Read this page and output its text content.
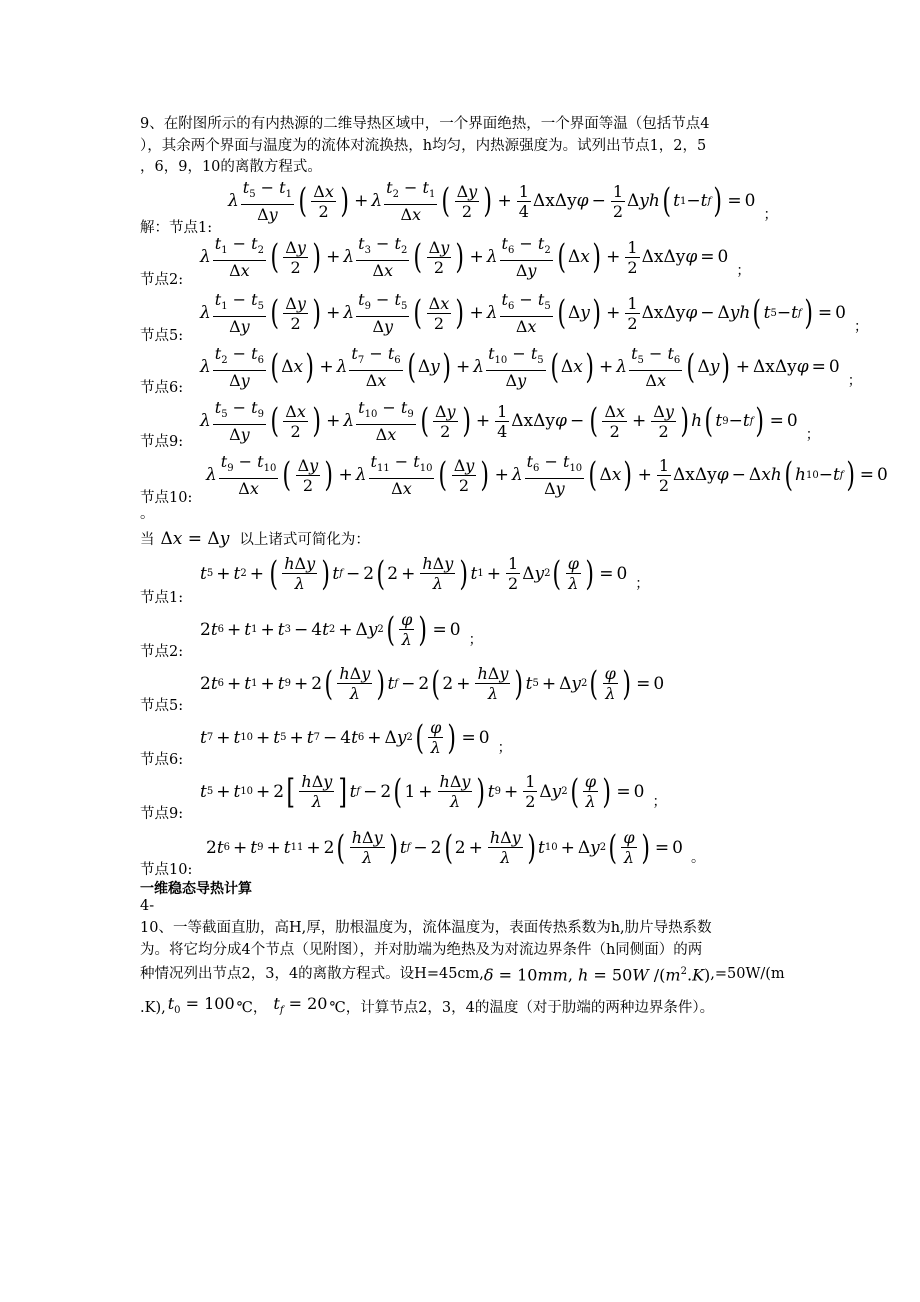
9、在附图所示的有内热源的二维导热区域中，一个界面绝热，一个界面等温（包括节点4
），其余两个界面与温度为的流体对流换热，h均匀，内热源强度为。试列出节点1，2，5
，6，9，10的离散方程式。
λ $\frac{t_5 - t_1}{\Delta y}$ ( $\frac{\Delta x}{2}$ ) + λ $\frac{t_2 - t_1}{\Delta x}$ ( $\frac{\Delta y}{2}$ ) + $\frac{1}{4}$ ΔxΔy $\varphi - \frac{1}{2}$ Δ yh ( t 1 − t f ) = 0
；
解：节点1:
λ $\frac{t_1 - t_2}{\Delta x}$ ( $\frac{\Delta y}{2}$ ) + λ $\frac{t_3 - t_2}{\Delta x}$ ( $\frac{\Delta y}{2}$ ) + λ $\frac{t_6 - t_2}{\Delta y}$ ( Δ x ) + $\frac{1}{2}$ ΔxΔy φ = 0
；
节点2:
λ $\frac{t_1 - t_5}{\Delta y}$ ( $\frac{\Delta y}{2}$ ) + λ $\frac{t_9 - t_5}{\Delta y}$ ( $\frac{\Delta x}{2}$ ) + λ $\frac{t_6 - t_5}{\Delta x}$ ( Δ y ) + $\frac{1}{2}$ ΔxΔy φ − Δ yh ( t 5 − t f ) = 0
；
节点5:
λ $\frac{t_2 - t_6}{\Delta y}$ ( Δ x ) + λ $\frac{t_7 - t_6}{\Delta x}$ ( Δ y ) + λ $\frac{t_{10} - t_5}{\Delta y}$ ( Δ x ) + λ $\frac{t_5 - t_6}{\Delta x}$ ( Δ y ) + ΔxΔy φ = 0
；
节点6:
λ $\frac{t_5 - t_9}{\Delta y}$ ( $\frac{\Delta x}{2}$ ) + λ $\frac{t_{10} - t_9}{\Delta x}$ ( $\frac{\Delta y}{2}$ ) + $\frac{1}{4}$ ΔxΔy φ − ( $\frac{\Delta x}{2} + \frac{\Delta y}{2}$ ) h ( t 9 − t f ) = 0
；
节点9:
λ $\frac{t_9 - t_{10}}{\Delta x}$ ( $\frac{\Delta y}{2}$ ) + λ $\frac{t_{11} - t_{10}}{\Delta x}$ ( $\frac{\Delta y}{2}$ ) + λ $\frac{t_6 - t_{10}}{\Delta y}$ ( Δ x ) + $\frac{1}{2}$ ΔxΔy φ − Δ xh ( h 10 − t f ) = 0
节点10:
。
当 Δx = Δy 以上诸式可简化为：
t 5 + t 2 + ( $\frac{\text{hΔy}}{\lambda}$ ) t f − 2 ( $2 + \frac{\text{hΔy}}{\lambda}$ ) t $1 + \frac{1}{2}$ Δ y 2 ( $\frac{\varphi}{\lambda}$ ) = 0
；
节点1:
2 t 6 + t 1 + t 3 − 4 t 2 + Δ y 2 ( $\frac{\varphi}{\lambda}$ ) = 0
；
节点2:
2 t 6 + t 1 + t 9 + 2 ( $\frac{\text{hΔy}}{\lambda}$ ) t f − 2 ( $2 + \frac{\text{hΔy}}{\lambda}$ ) t 5 + Δ y 2 ( $\frac{\varphi}{\lambda}$ ) = 0
节点5:
t 7 + t 10 + t 5 + t 7 − 4 t 6 + Δ y 2 ( $\frac{\varphi}{\lambda}$ ) = 0
；
节点6:
t 5 + t 10 + 2 [ $\frac{\text{hΔy}}{\lambda}$ ] t f − 2 ( $1 + \frac{\text{hΔy}}{\lambda}$ ) t $9 + \frac{1}{2}$ Δ y 2 ( $\frac{\varphi}{\lambda}$ ) = 0
；
节点9:
2 t 6 + t 9 + t 11 + 2 ( $\frac{\text{hΔy}}{\lambda}$ ) t f − 2 ( $2 + \frac{\text{hΔy}}{\lambda}$ ) t 10 + Δ y 2 ( $\frac{\varphi}{\lambda}$ ) = 0
。
节点10:
一维稳态导热计算
4-
10、一等截面直肋，高H,厚，肋根温度为，流体温度为，表面传热系数为h,肋片导热系数
为。将它均分成4个节点（见附图），并对肋端为绝热及为对流边界条件（h同侧面）的两
种情况列出节点2，3，4的离散方程式。设H=45cm, δ = 10mm, h = 50W $/(m^2.K)$ ,=50W/(m
.K), $t_0 = 100$ ℃， $t_f = 20$ ℃，计算节点2，3，4的温度（对于肋端的两种边界条件）。
